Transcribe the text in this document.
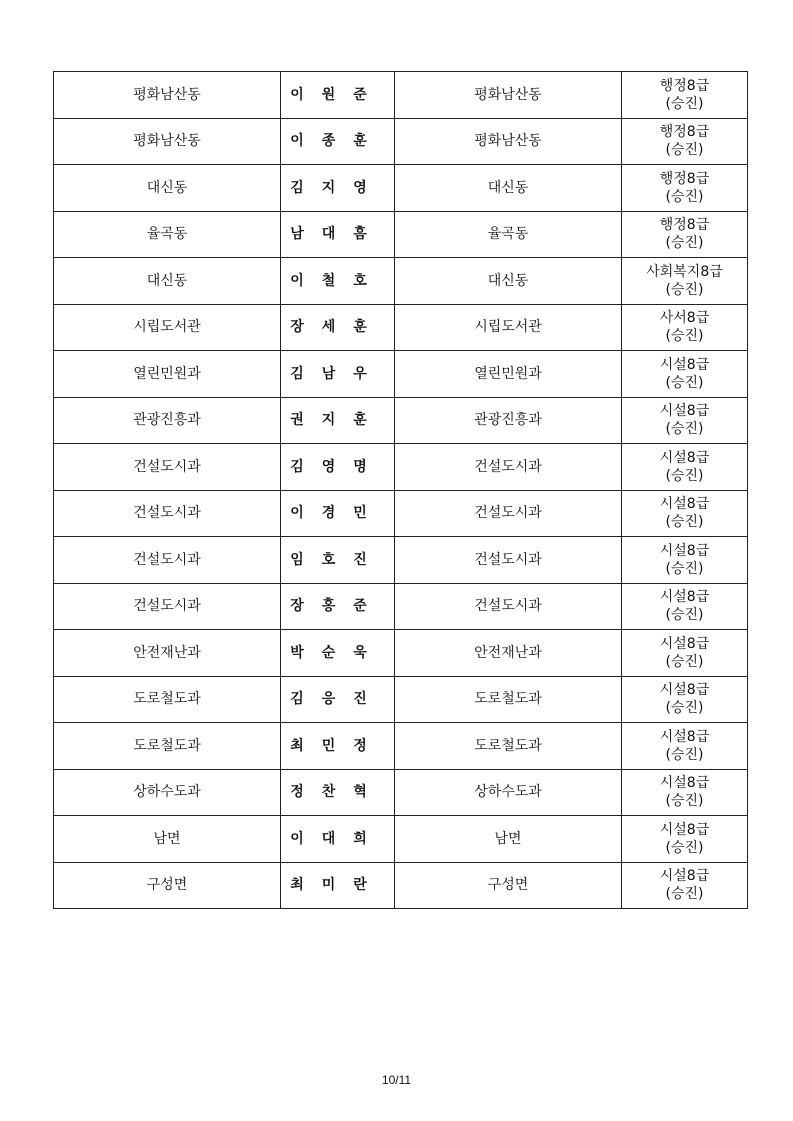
평화남산동	이원준	평화남산동	행정8급
(승진)

평화남산동	이종훈	평화남산동	행정8급
(승진)

대신동	김지영	대신동	행정8급
(승진)

율곡동	남대흠	율곡동	행정8급
(승진)

대신동	이철호	대신동	사회복지8급
(승진)

시립도서관	장세훈	시립도서관	사서8급
(승진)

열린민원과	김남우	열린민원과	시설8급
(승진)

관광진흥과	권지훈	관광진흥과	시설8급
(승진)

건설도시과	김영명	건설도시과	시설8급
(승진)

건설도시과	이경민	건설도시과	시설8급
(승진)

건설도시과	임호진	건설도시과	시설8급
(승진)

건설도시과	장홍준	건설도시과	시설8급
(승진)

안전재난과	박순욱	안전재난과	시설8급
(승진)

도로철도과	김응진	도로철도과	시설8급
(승진)

도로철도과	최민정	도로철도과	시설8급
(승진)

상하수도과	정찬혁	상하수도과	시설8급
(승진)

남면	이대희	남면	시설8급
(승진)

구성면	최미란	구성면	시설8급
(승진)
10/11
